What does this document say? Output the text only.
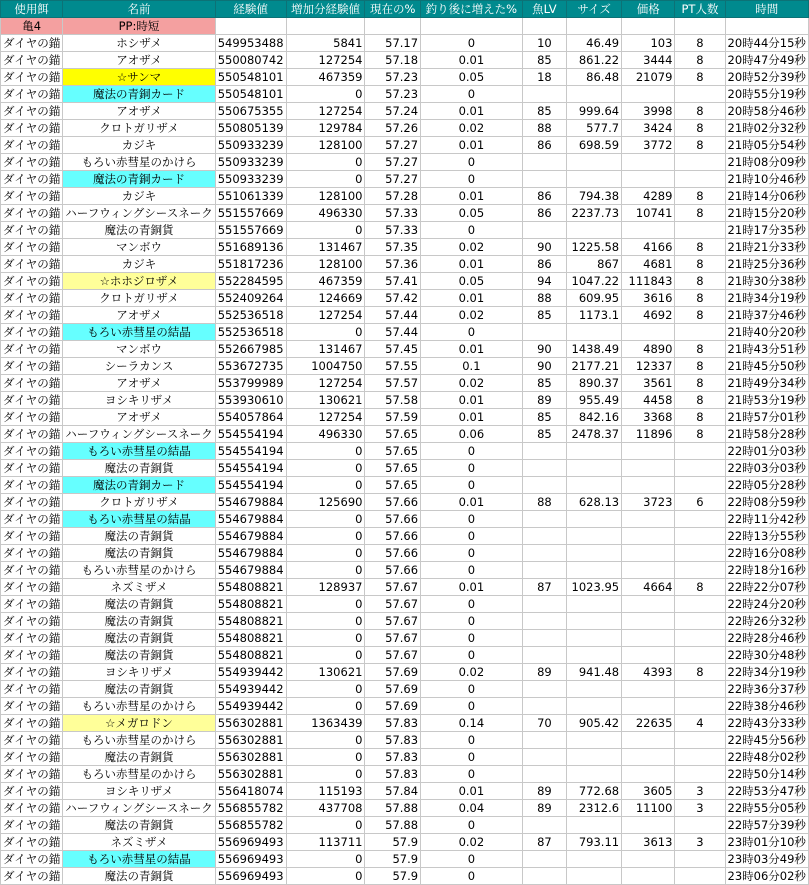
使用餌	名前	経験値	増加分経験値	現在の%	釣り後に増えた%	魚LV	サイズ	価格	PT人数	時間
亀4	PP:時短									
ダイヤの錨	ホシザメ	549953488	5841	57.17	0	10	46.49	103	8	20時44分15秒
ダイヤの錨	アオザメ	550080742	127254	57.18	0.01	85	861.22	3444	8	20時47分49秒
ダイヤの錨	☆サンマ	550548101	467359	57.23	0.05	18	86.48	21079	8	20時52分39秒
ダイヤの錨	魔法の青銅カード	550548101	0	57.23	0					20時55分19秒
ダイヤの錨	アオザメ	550675355	127254	57.24	0.01	85	999.64	3998	8	20時58分46秒
ダイヤの錨	クロトガリザメ	550805139	129784	57.26	0.02	88	577.7	3424	8	21時02分32秒
ダイヤの錨	カジキ	550933239	128100	57.27	0.01	86	698.59	3772	8	21時05分54秒
ダイヤの錨	もろい赤彗星のかけら	550933239	0	57.27	0					21時08分09秒
ダイヤの錨	魔法の青銅カード	550933239	0	57.27	0					21時10分46秒
ダイヤの錨	カジキ	551061339	128100	57.28	0.01	86	794.38	4289	8	21時14分06秒
ダイヤの錨	ハーフウィングシースネーク	551557669	496330	57.33	0.05	86	2237.73	10741	8	21時15分20秒
ダイヤの錨	魔法の青銅貨	551557669	0	57.33	0					21時17分35秒
ダイヤの錨	マンボウ	551689136	131467	57.35	0.02	90	1225.58	4166	8	21時21分33秒
ダイヤの錨	カジキ	551817236	128100	57.36	0.01	86	867	4681	8	21時25分36秒
ダイヤの錨	☆ホホジロザメ	552284595	467359	57.41	0.05	94	1047.22	111843	8	21時30分38秒
ダイヤの錨	クロトガリザメ	552409264	124669	57.42	0.01	88	609.95	3616	8	21時34分19秒
ダイヤの錨	アオザメ	552536518	127254	57.44	0.02	85	1173.1	4692	8	21時37分46秒
ダイヤの錨	もろい赤彗星の結晶	552536518	0	57.44	0					21時40分20秒
ダイヤの錨	マンボウ	552667985	131467	57.45	0.01	90	1438.49	4890	8	21時43分51秒
ダイヤの錨	シーラカンス	553672735	1004750	57.55	0.1	90	2177.21	12337	8	21時45分50秒
ダイヤの錨	アオザメ	553799989	127254	57.57	0.02	85	890.37	3561	8	21時49分34秒
ダイヤの錨	ヨシキリザメ	553930610	130621	57.58	0.01	89	955.49	4458	8	21時53分19秒
ダイヤの錨	アオザメ	554057864	127254	57.59	0.01	85	842.16	3368	8	21時57分01秒
ダイヤの錨	ハーフウィングシースネーク	554554194	496330	57.65	0.06	85	2478.37	11896	8	21時58分28秒
ダイヤの錨	もろい赤彗星の結晶	554554194	0	57.65	0					22時01分03秒
ダイヤの錨	魔法の青銅貨	554554194	0	57.65	0					22時03分03秒
ダイヤの錨	魔法の青銅カード	554554194	0	57.65	0					22時05分28秒
ダイヤの錨	クロトガリザメ	554679884	125690	57.66	0.01	88	628.13	3723	6	22時08分59秒
ダイヤの錨	もろい赤彗星の結晶	554679884	0	57.66	0					22時11分42秒
ダイヤの錨	魔法の青銅貨	554679884	0	57.66	0					22時13分55秒
ダイヤの錨	魔法の青銅貨	554679884	0	57.66	0					22時16分08秒
ダイヤの錨	もろい赤彗星のかけら	554679884	0	57.66	0					22時18分16秒
ダイヤの錨	ネズミザメ	554808821	128937	57.67	0.01	87	1023.95	4664	8	22時22分07秒
ダイヤの錨	魔法の青銅貨	554808821	0	57.67	0					22時24分20秒
ダイヤの錨	魔法の青銅貨	554808821	0	57.67	0					22時26分32秒
ダイヤの錨	魔法の青銅貨	554808821	0	57.67	0					22時28分46秒
ダイヤの錨	魔法の青銅貨	554808821	0	57.67	0					22時30分48秒
ダイヤの錨	ヨシキリザメ	554939442	130621	57.69	0.02	89	941.48	4393	8	22時34分19秒
ダイヤの錨	魔法の青銅貨	554939442	0	57.69	0					22時36分37秒
ダイヤの錨	もろい赤彗星のかけら	554939442	0	57.69	0					22時38分46秒
ダイヤの錨	☆メガロドン	556302881	1363439	57.83	0.14	70	905.42	22635	4	22時43分33秒
ダイヤの錨	もろい赤彗星のかけら	556302881	0	57.83	0					22時45分56秒
ダイヤの錨	魔法の青銅貨	556302881	0	57.83	0					22時48分02秒
ダイヤの錨	もろい赤彗星のかけら	556302881	0	57.83	0					22時50分14秒
ダイヤの錨	ヨシキリザメ	556418074	115193	57.84	0.01	89	772.68	3605	3	22時53分47秒
ダイヤの錨	ハーフウィングシースネーク	556855782	437708	57.88	0.04	89	2312.6	11100	3	22時55分05秒
ダイヤの錨	魔法の青銅貨	556855782	0	57.88	0					22時57分39秒
ダイヤの錨	ネズミザメ	556969493	113711	57.9	0.02	87	793.11	3613	3	23時01分10秒
ダイヤの錨	もろい赤彗星の結晶	556969493	0	57.9	0					23時03分49秒
ダイヤの錨	魔法の青銅貨	556969493	0	57.9	0					23時06分02秒
